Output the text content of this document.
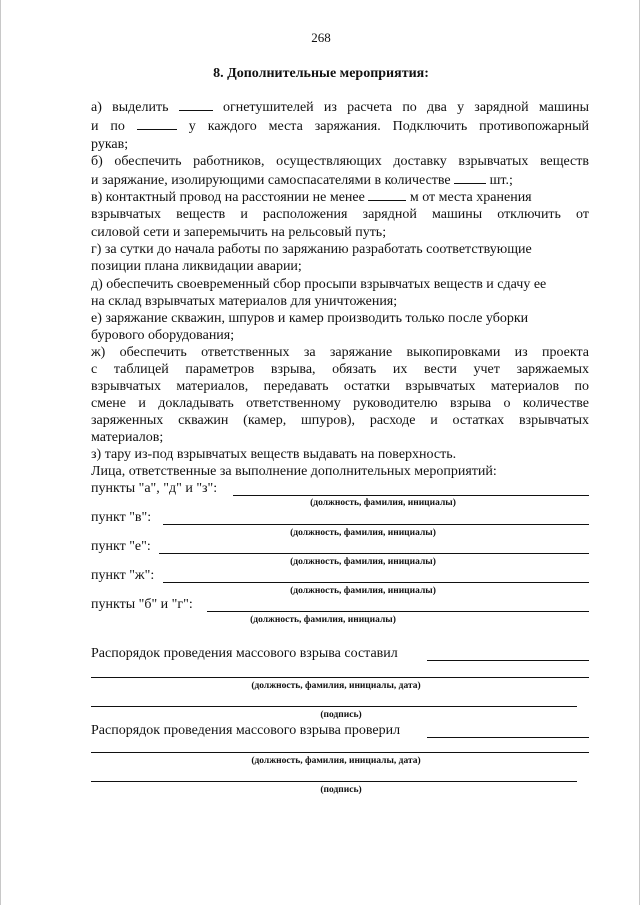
268
8. Дополнительные мероприятия:
а) выделить	огнетушителей из расчета по два у зарядной машины
и по	у каждого места заряжания. Подключить противопожарный
рукав;
б) обеспечить работников, осуществляющих доставку взрывчатых веществ
и заряжание, изолирующими самоспасателями в количестве	шт.;
в) контактный провод на расстоянии не менее	м от места хранения
взрывчатых веществ и расположения зарядной машины отключить от
силовой сети и заперемычить на рельсовый путь;
г) за сутки до начала работы по заряжанию разработать соответствующие
позиции плана ликвидации аварии;
д) обеспечить своевременный сбор просыпи взрывчатых веществ и сдачу ее
на склад взрывчатых материалов для уничтожения;
е) заряжание скважин, шпуров и камер производить только после уборки
бурового оборудования;
ж) обеспечить ответственных за заряжание выкопировками из проекта
с таблицей параметров взрыва, обязать их вести учет заряжаемых
взрывчатых материалов, передавать остатки взрывчатых материалов по
смене и докладывать ответственному руководителю взрыва о количестве
заряженных скважин (камер, шпуров), расходе и остатках взрывчатых
материалов;
з) тару из-под взрывчатых веществ выдавать на поверхность.
Лица, ответственные за выполнение дополнительных мероприятий:
пункты "а", "д" и "з":
(должность, фамилия, инициалы)
пункт "в":
(должность, фамилия, инициалы)
пункт "е":
(должность, фамилия, инициалы)
пункт "ж":
(должность, фамилия, инициалы)
пункты "б" и "г":
(должность, фамилия, инициалы)
Распорядок проведения массового взрыва составил
(должность, фамилия, инициалы, дата)
(подпись)
Распорядок проведения массового взрыва проверил
(должность, фамилия, инициалы, дата)
(подпись)
